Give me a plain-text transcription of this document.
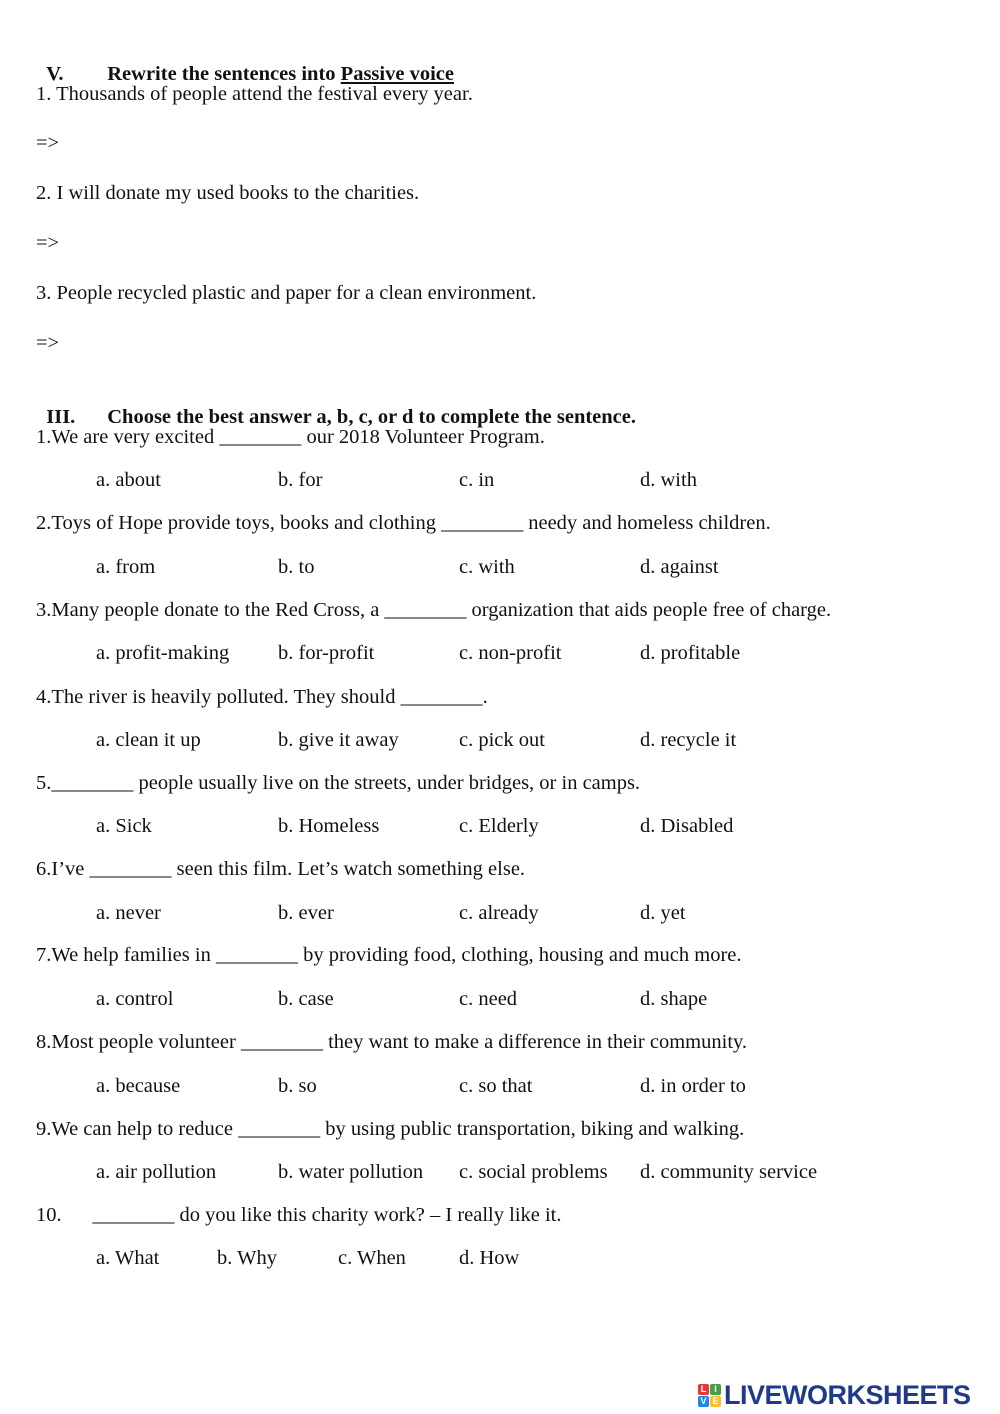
V. Rewrite the sentences into Passive voice

1. Thousands of people attend the festival every year.
=>
2. I will donate my used books to the charities.
=>
3. People recycled plastic and paper for a clean environment.
=>

III. Choose the best answer a, b, c, or d to complete the sentence.

1.We are very excited ________ our 2018 Volunteer Program.
a. about	b. for	c. in	d. with
2.Toys of Hope provide toys, books and clothing ________ needy and homeless children.
a. from	b. to	c. with	d. against
3.Many people donate to the Red Cross, a ________ organization that aids people free of charge.
a. profit-making b. for-profit	c. non-profit	d. profitable
4.The river is heavily polluted. They should ________.
a. clean it up	b. give it away	c. pick out	d. recycle it
5.________ people usually live on the streets, under bridges, or in camps.
a. Sick	b. Homeless	c. Elderly	d. Disabled
6.I’ve ________ seen this film. Let’s watch something else.
a. never	b. ever	c. already	d. yet
7.We help families in ________ by providing food, clothing, housing and much more.
a. control	b. case	c. need	d. shape
8.Most people volunteer ________ they want to make a difference in their community.
a. because	b. so	c. so that	d. in order to
9.We can help to reduce ________ by using public transportation, biking and walking.
a. air pollution	b. water pollution c. social problems d. community service
10.      ________ do you like this charity work? – I really like it.
a. What	b. Why	c. When	d. How
L I
V E LIVEWORKSHEETS
